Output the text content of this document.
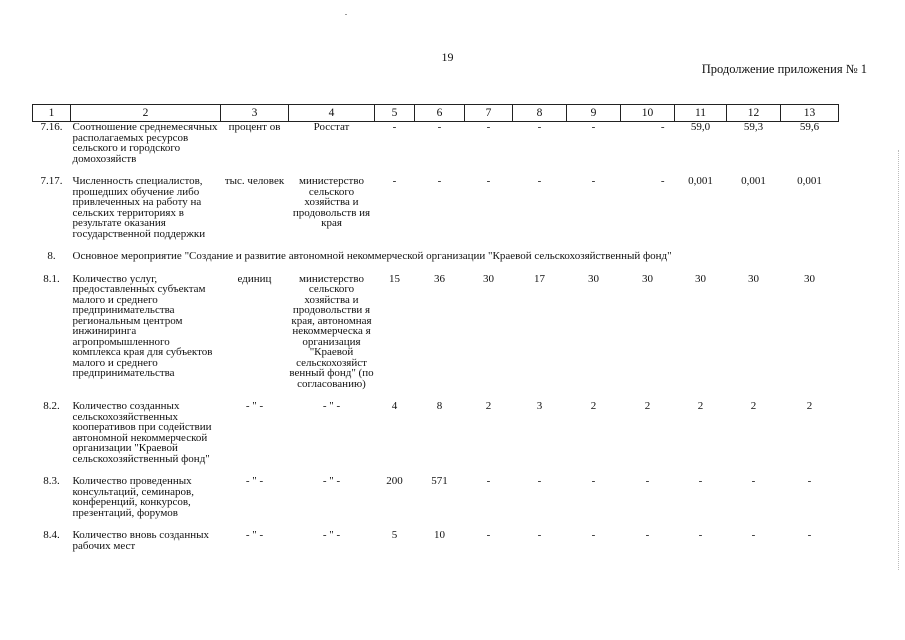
19
Продолжение приложения № 1
1	2	3	4	5	6	7	8	9	10	11	12	13
7.16.	Соотношение среднемесячных располагаемых ресурсов сельского и городского домохозяйств	процент ов	Росстат	-	-	-	-	-	-	59,0	59,3	59,6

7.17.	Численность специалистов, прошедших обучение либо привлеченных на работу на сельских территориях в результате оказания государственной поддержки	тыс. человек	министерство сельского хозяйства и продовольств ия края	-	-	-	-	-	-	0,001	0,001	0,001

8.	Основное мероприятие "Создание и развитие автономной некоммерческой организации "Краевой сельскохозяйственный фонд"											

8.1.	Количество услуг, предоставленных субъектам малого и среднего предпринимательства региональным центром инжиниринга агропромышленного комплекса края для субъектов малого и среднего предпринимательства	единиц	министерство сельского хозяйства и продовольстви я края, автономная некоммерческа я организация "Краевой сельскохозяйст венный фонд" (по согласованию)	15	36	30	17	30	30	30	30	30

8.2.	Количество созданных сельскохозяйственных кооперативов при содействии автономной некоммерческой организации "Краевой сельскохозяйственный фонд"	- " -	- " -	4	8	2	3	2	2	2	2	2

8.3.	Количество проведенных консультаций, семинаров, конференций, конкурсов, презентаций, форумов	- " -	- " -	200	571	-	-	-	-	-	-	-

8.4.	Количество вновь созданных рабочих мест	- " -	- " -	5	10	-	-	-	-	-	-	-
